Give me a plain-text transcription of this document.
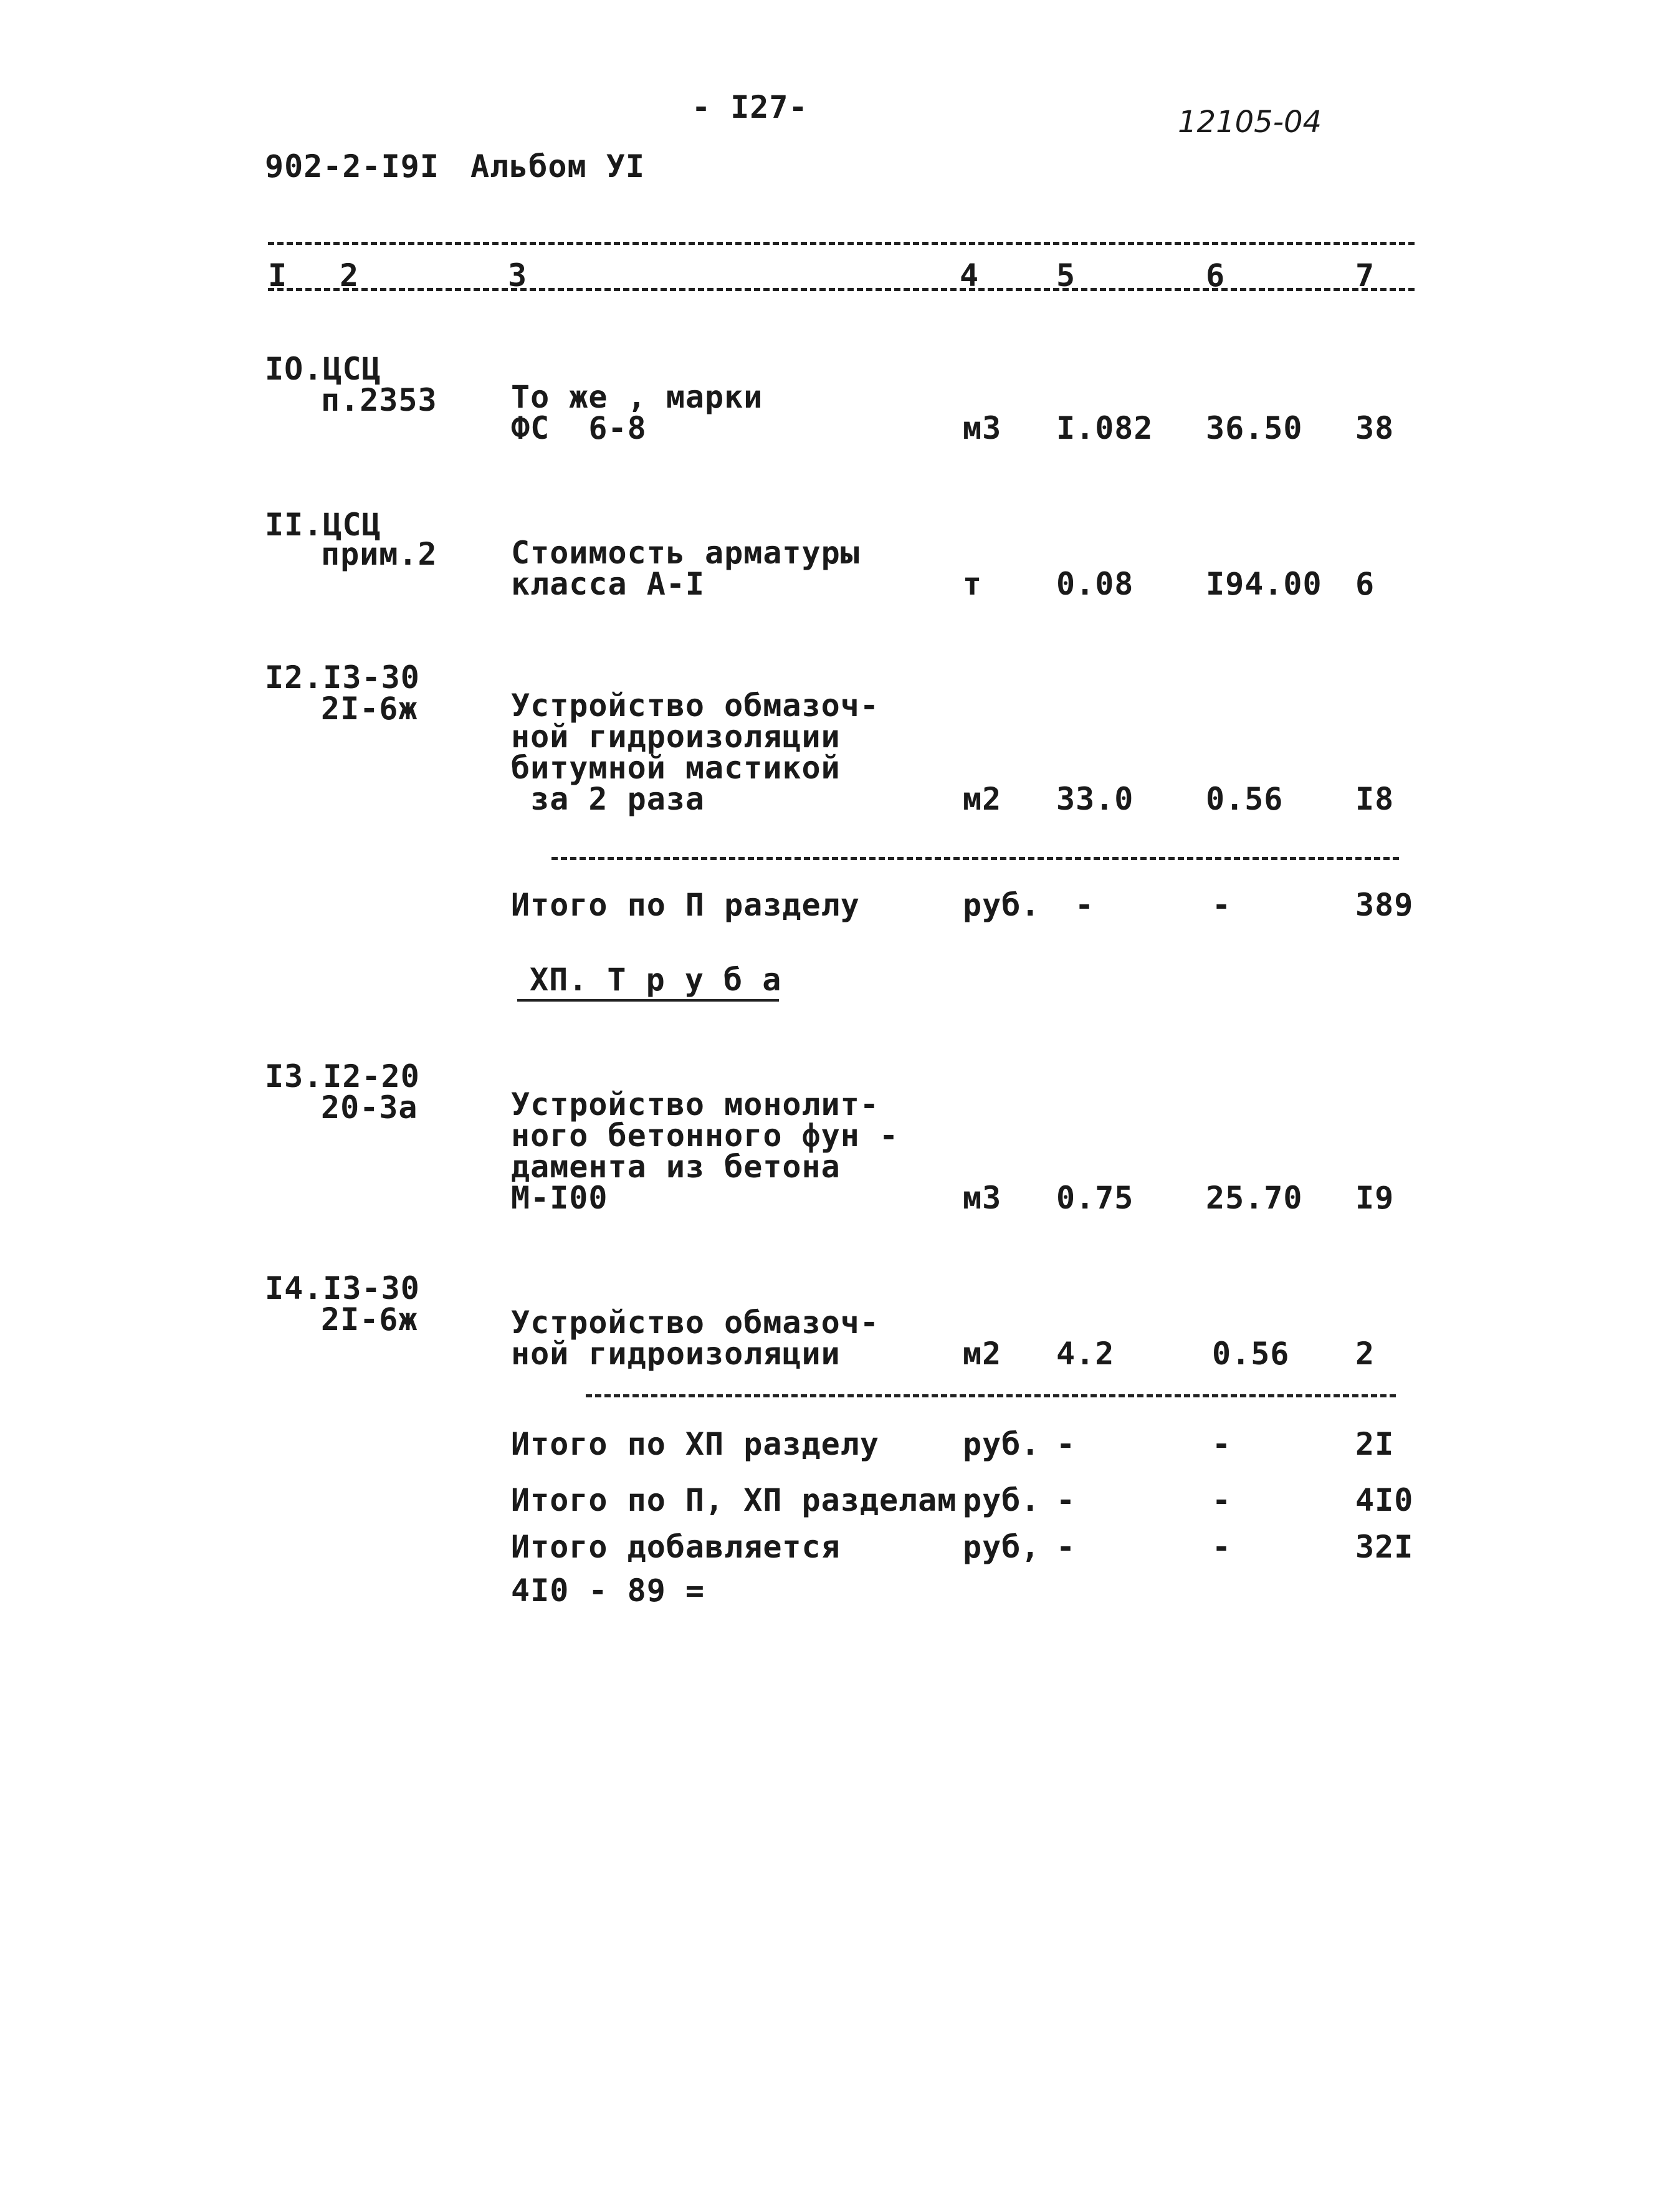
- I27-	12105-04
902-2-I9I Альбом УI
I 2	3	4 5	6	7
IO.ЦСЦ
п.2353 То же , марки
ФС  6-8	м3 I.082 36.50 38
II.ЦСЦ
прим.2 Стоимость арматуры
класса А-I	т 0.08 I94.00 6
I2.I3-30
2I-6ж	Устройство обмазоч-
ной гидроизоляции
битумной мастикой
за 2 раза	м2 33.0 0.56 I8
Итого по П разделу	руб. -	-	389
ХП. Т р у б а
I3.I2-20
20-3а	Устройство монолит-
ного бетонного фун -
дамента из бетона
М-I00	м3 0.75 25.70 I9
I4.I3-30
2I-6ж	Устройство обмазоч-
ной гидроизоляции	м2 4.2	0.56 2
Итого по ХП разделу	руб. -	-	2I
Итого по П, ХП разделам руб. -	-	4I0
Итого добавляется	руб, -	-	32I
4I0 - 89 =
